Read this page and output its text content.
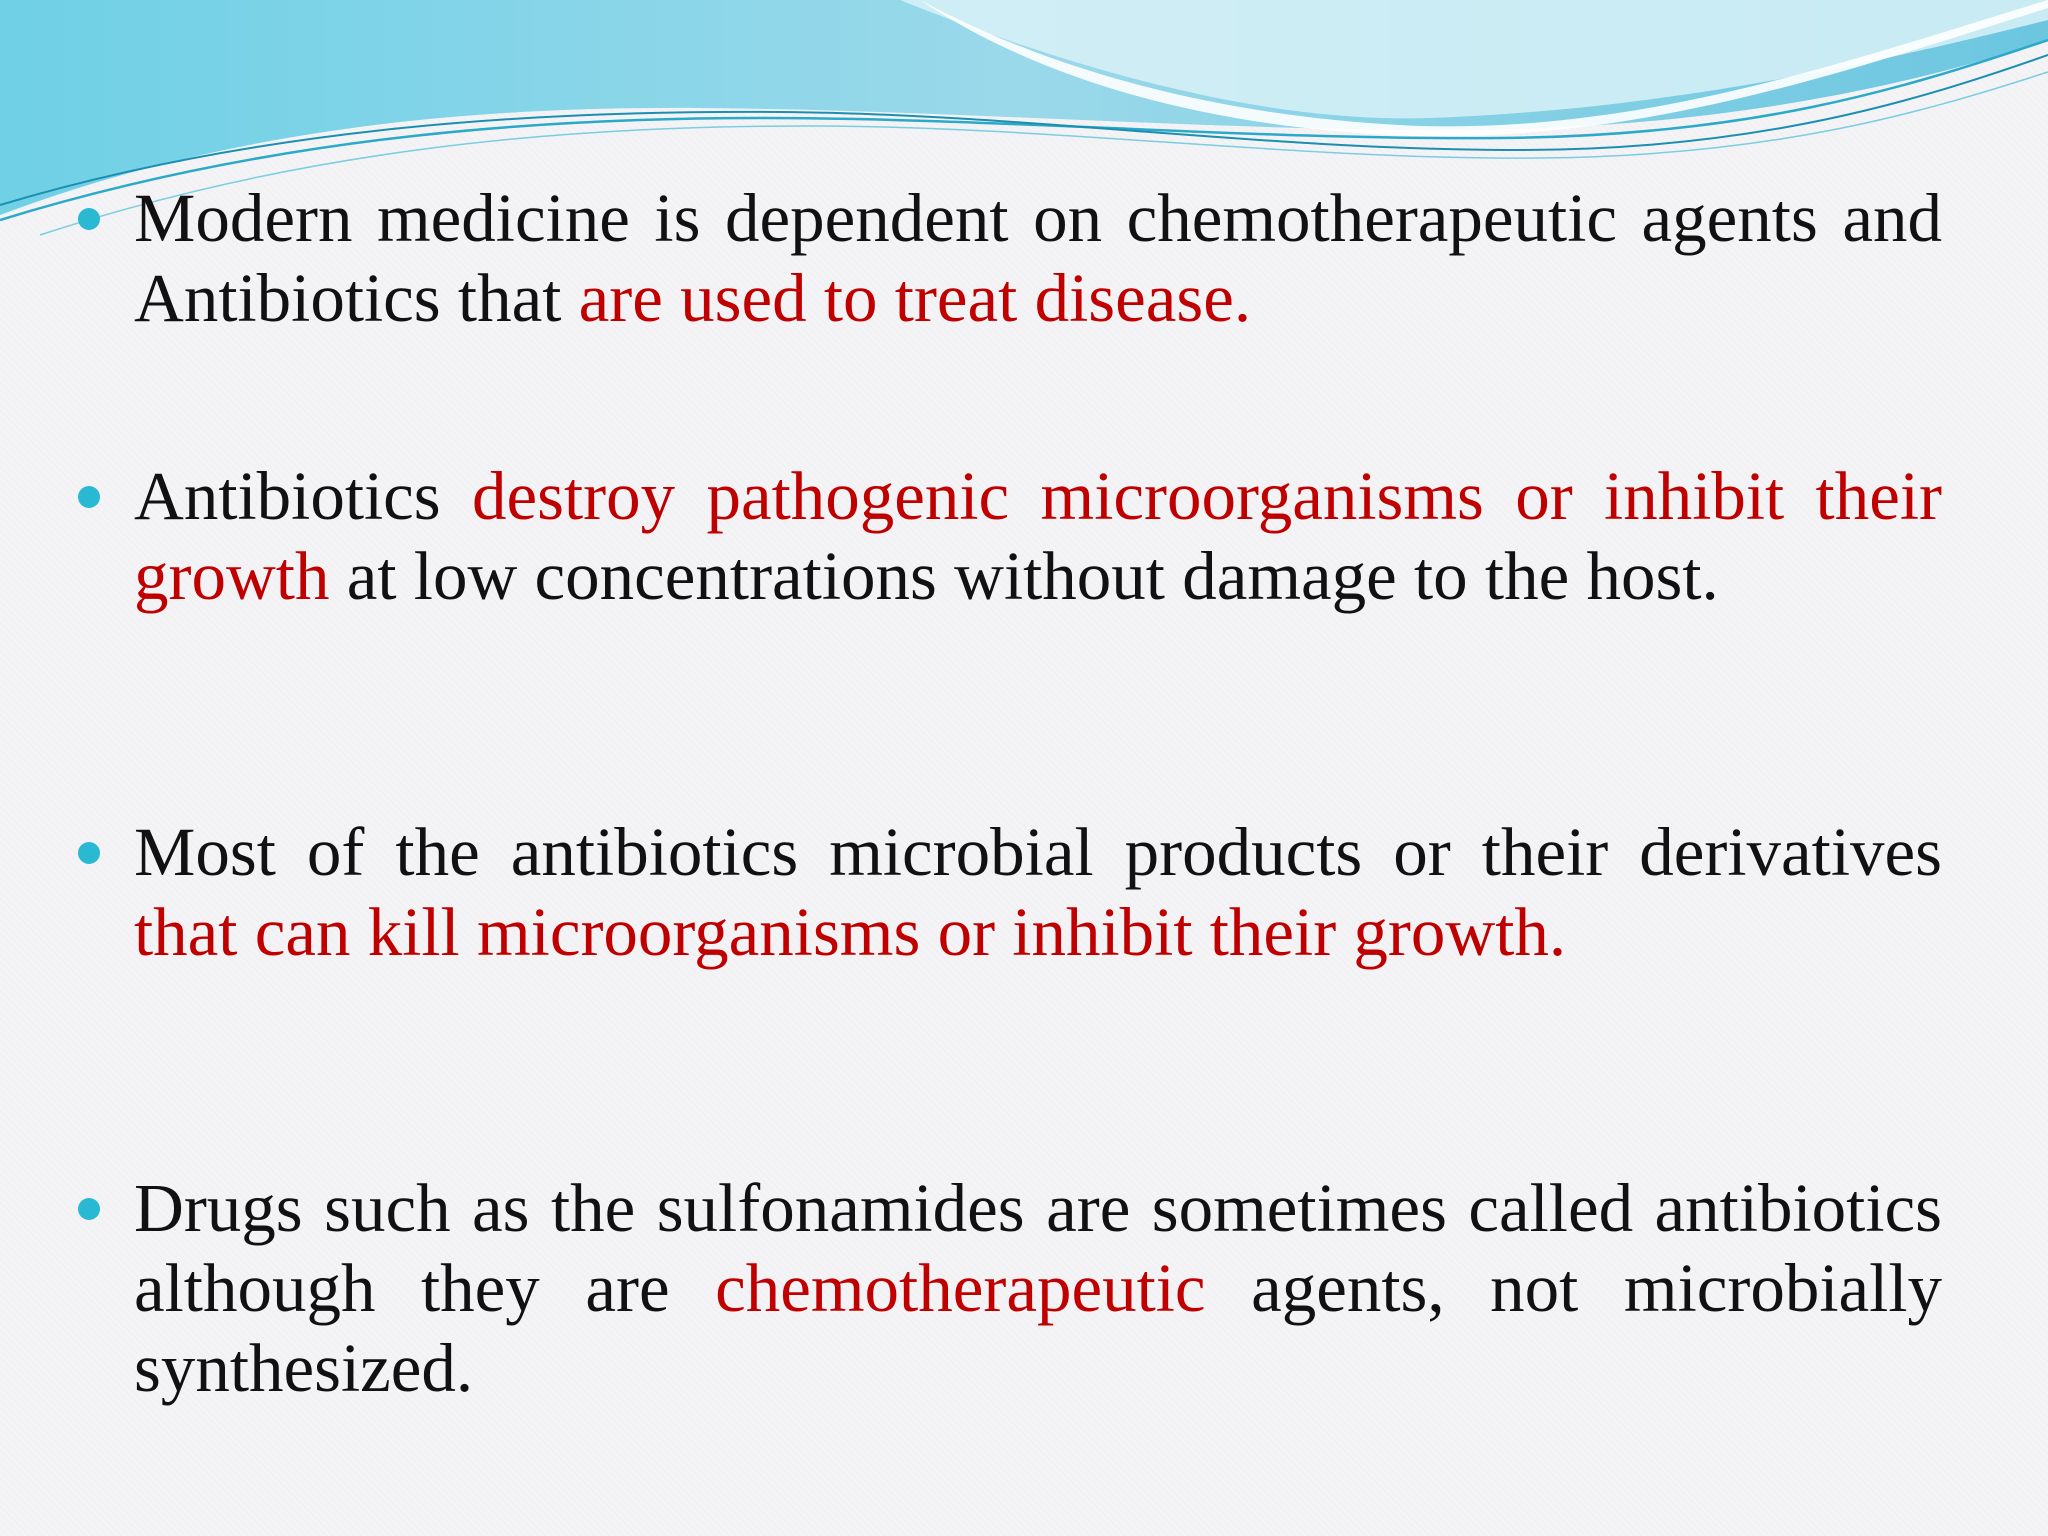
Modern medicine is dependent on chemotherapeutic agents and Antibiotics that are used to treat disease.
Antibiotics destroy pathogenic microorganisms or inhibit their growth at low concentrations without damage to the host.
Most of the antibiotics microbial products or their derivatives that can kill microorganisms or inhibit their growth.
Drugs such as the sulfonamides are sometimes called antibiotics although they are chemotherapeutic agents, not microbially synthesized.
